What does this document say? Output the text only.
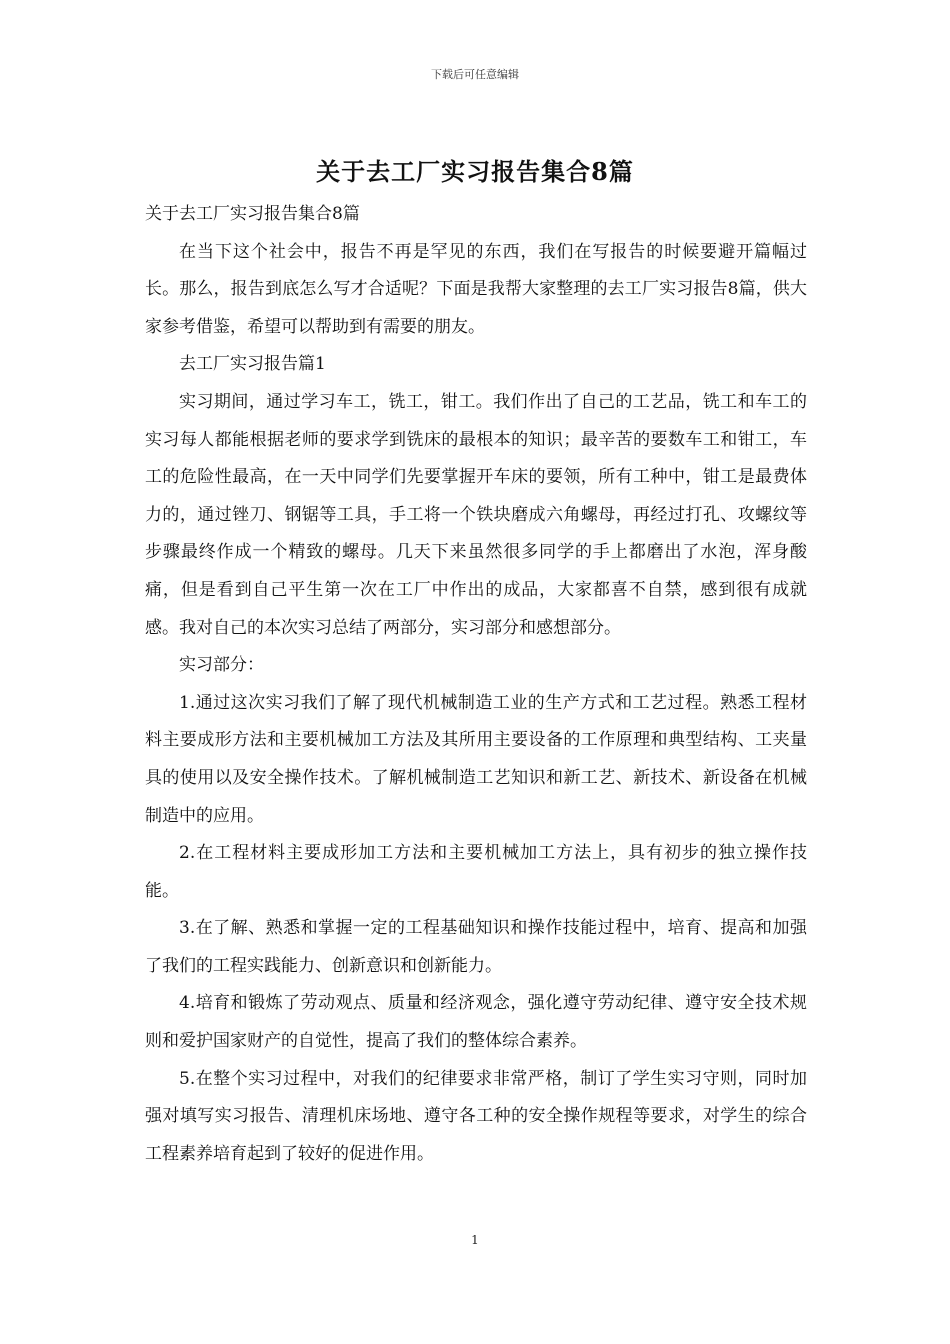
下载后可任意编辑
关于去工厂实习报告集合8篇

关于去工厂实习报告集合8篇

在当下这个社会中，报告不再是罕见的东西，我们在写报告的时候要避开篇幅过长。那么，报告到底怎么写才合适呢？下面是我帮大家整理的去工厂实习报告8篇，供大家参考借鉴，希望可以帮助到有需要的朋友。

去工厂实习报告篇1

实习期间，通过学习车工，铣工，钳工。我们作出了自己的工艺品，铣工和车工的实习每人都能根据老师的要求学到铣床的最根本的知识；最辛苦的要数车工和钳工，车工的危险性最高，在一天中同学们先要掌握开车床的要领，所有工种中，钳工是最费体力的，通过锉刀、钢锯等工具，手工将一个铁块磨成六角螺母，再经过打孔、攻螺纹等步骤最终作成一个精致的螺母。几天下来虽然很多同学的手上都磨出了水泡，浑身酸痛，但是看到自己平生第一次在工厂中作出的成品，大家都喜不自禁，感到很有成就感。我对自己的本次实习总结了两部分，实习部分和感想部分。

实习部分：

1.通过这次实习我们了解了现代机械制造工业的生产方式和工艺过程。熟悉工程材料主要成形方法和主要机械加工方法及其所用主要设备的工作原理和典型结构、工夹量具的使用以及安全操作技术。了解机械制造工艺知识和新工艺、新技术、新设备在机械制造中的应用。

2.在工程材料主要成形加工方法和主要机械加工方法上，具有初步的独立操作技能。

3.在了解、熟悉和掌握一定的工程基础知识和操作技能过程中，培育、提高和加强了我们的工程实践能力、创新意识和创新能力。

4.培育和锻炼了劳动观点、质量和经济观念，强化遵守劳动纪律、遵守安全技术规则和爱护国家财产的自觉性，提高了我们的整体综合素养。

5.在整个实习过程中，对我们的纪律要求非常严格，制订了学生实习守则，同时加强对填写实习报告、清理机床场地、遵守各工种的安全操作规程等要求，对学生的综合工程素养培育起到了较好的促进作用。

1
